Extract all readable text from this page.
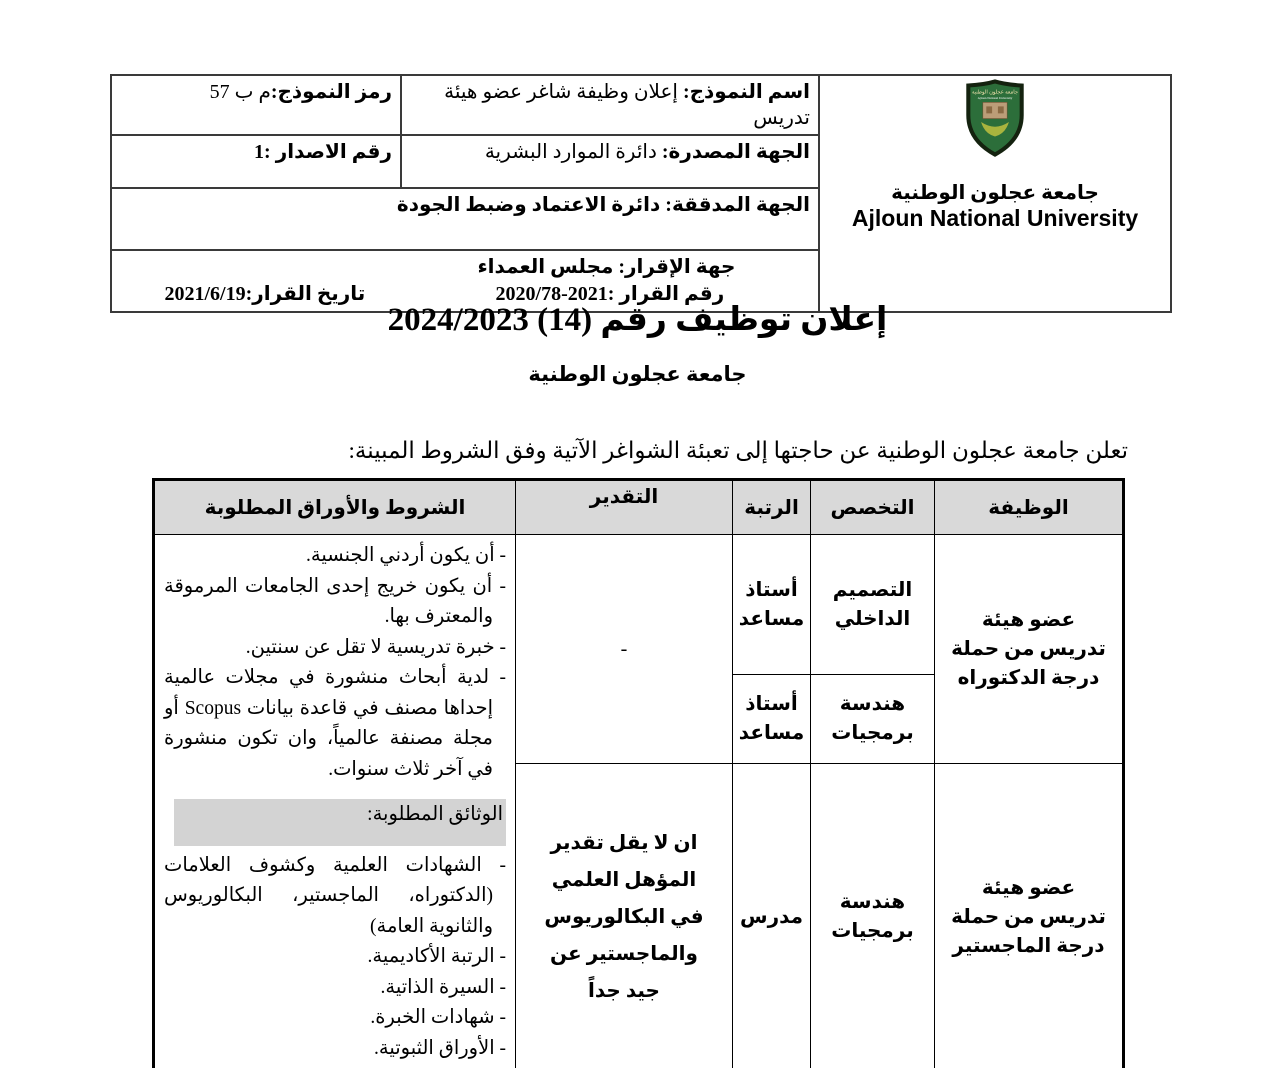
جامعة عجلون الوطنية
Ajloun National University
جامعة عجلون الوطنية
Ajloun National University	اسم النموذج: إعلان وظيفة شاغر عضو هيئة تدريس	رمز النموذج:م ب 57
	الجهة المصدرة: دائرة الموارد البشرية	رقم الاصدار :1
	الجهة المدققة: دائرة الاعتماد وضبط الجودة	

	جهة الإقرار: مجلس العمداء
رقم القرار :2021-2020/78
تاريخ القرار:2021/6/19	
إعلان توظيف رقم (14) 2024/2023
جامعة عجلون الوطنية
تعلن جامعة عجلون الوطنية عن حاجتها إلى تعبئة الشواغر الآتية وفق الشروط المبينة:
الوظيفة	التخصص	الرتبة	التقدير	الشروط والأوراق المطلوبة
عضو هيئة تدريس من حملة درجة الدكتوراه	التصميم الداخلي	أستاذ مساعد	-	
- أن يكون أردني الجنسية.
- أن يكون خريج إحدى الجامعات المرموقة والمعترف بها.
- خبرة تدريسية لا تقل عن سنتين.
- لدية أبحاث منشورة في مجلات عالمية إحداها مصنف في قاعدة بيانات Scopus أو مجلة مصنفة عالمياً، وان تكون منشورة في آخر ثلاث سنوات.
الوثائق المطلوبة:
- الشهادات العلمية وكشوف العلامات (الدكتوراه، الماجستير، البكالوريوس والثانوية العامة)
- الرتبة الأكاديمية.
- السيرة الذاتية.
- شهادات الخبرة.
- الأوراق الثبوتية.

	هندسة برمجيات	أستاذ مساعد		
عضو هيئة تدريس من حملة درجة الماجستير	هندسة برمجيات	مدرس	ان لا يقل تقدير المؤهل العلمي في البكالوريوس والماجستير عن جيد جداً	
